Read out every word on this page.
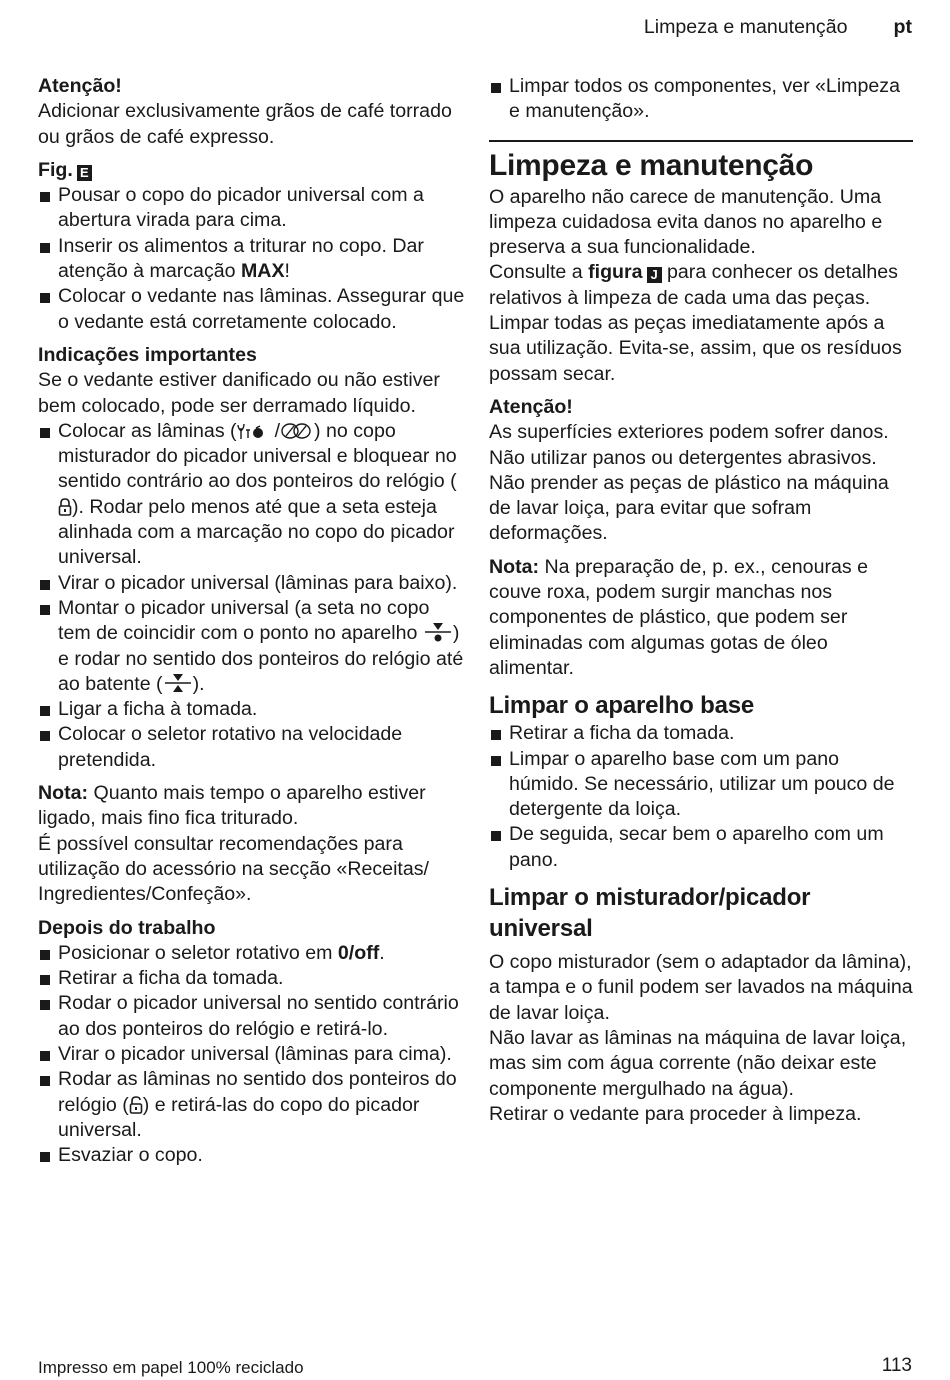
Limpeza e manutenção pt

Atenção!

Adicionar exclusivamente grãos de café torrado ou grãos de café expresso.

Fig. E

Pousar o copo do picador universal com a abertura virada para cima.
Inserir os alimentos a triturar no copo. Dar atenção à marcação MAX!
Colocar o vedante nas lâminas. Assegurar que o vedante está corretamente colocado.

Indicações importantes

Se o vedante estiver danificado ou não estiver bem colocado, pode ser derramado líquido.

Colocar as lâminas ( / ) no copo misturador do picador universal e bloquear no sentido contrário ao dos ponteiros do relógio (). Rodar pelo menos até que a seta esteja alinhada com a marcação no copo do picador universal.
Virar o picador universal (lâminas para baixo).
Montar o picador universal (a seta no copo tem de coincidir com o ponto no aparelho ) e rodar no sentido dos ponteiros do relógio até ao batente ( ).
Ligar a ficha à tomada.
Colocar o seletor rotativo na velocidade pretendida.

Nota: Quanto mais tempo o aparelho estiver ligado, mais fino fica triturado.

É possível consultar recomendações para utilização do acessório na secção «Receitas/ Ingredientes/Confeção».

Depois do trabalho

Posicionar o seletor rotativo em 0/off.
Retirar a ficha da tomada.
Rodar o picador universal no sentido contrário ao dos ponteiros do relógio e retirá-lo.
Virar o picador universal (lâminas para cima).
Rodar as lâminas no sentido dos ponteiros do relógio ( ) e retirá-las do copo do picador universal.
Esvaziar o copo.
Limpar todos os componentes, ver «Limpeza e manutenção».
Limpeza e manutenção

O aparelho não carece de manutenção. Uma limpeza cuidadosa evita danos no aparelho e preserva a sua funcionalidade.

Consulte a figura J para conhecer os detalhes relativos à limpeza de cada uma das peças.

Limpar todas as peças imediatamente após a sua utilização. Evita-se, assim, que os resíduos possam secar.

Atenção!

As superfícies exteriores podem sofrer danos. Não utilizar panos ou detergentes abrasivos.

Não prender as peças de plástico na máquina de lavar loiça, para evitar que sofram deformações.

Nota: Na preparação de, p. ex., cenouras e couve roxa, podem surgir manchas nos componentes de plástico, que podem ser eliminadas com algumas gotas de óleo alimentar.

Limpar o aparelho base
Retirar a ficha da tomada.
Limpar o aparelho base com um pano húmido. Se necessário, utilizar um pouco de detergente da loiça.
De seguida, secar bem o aparelho com um pano.
Limpar o misturador/picador universal

O copo misturador (sem o adaptador da lâmina), a tampa e o funil podem ser lavados na máquina de lavar loiça.

Não lavar as lâminas na máquina de lavar loiça, mas sim com água corrente (não deixar este componente mergulhado na água).

Retirar o vedante para proceder à limpeza.

Impresso em papel 100% reciclado	113
